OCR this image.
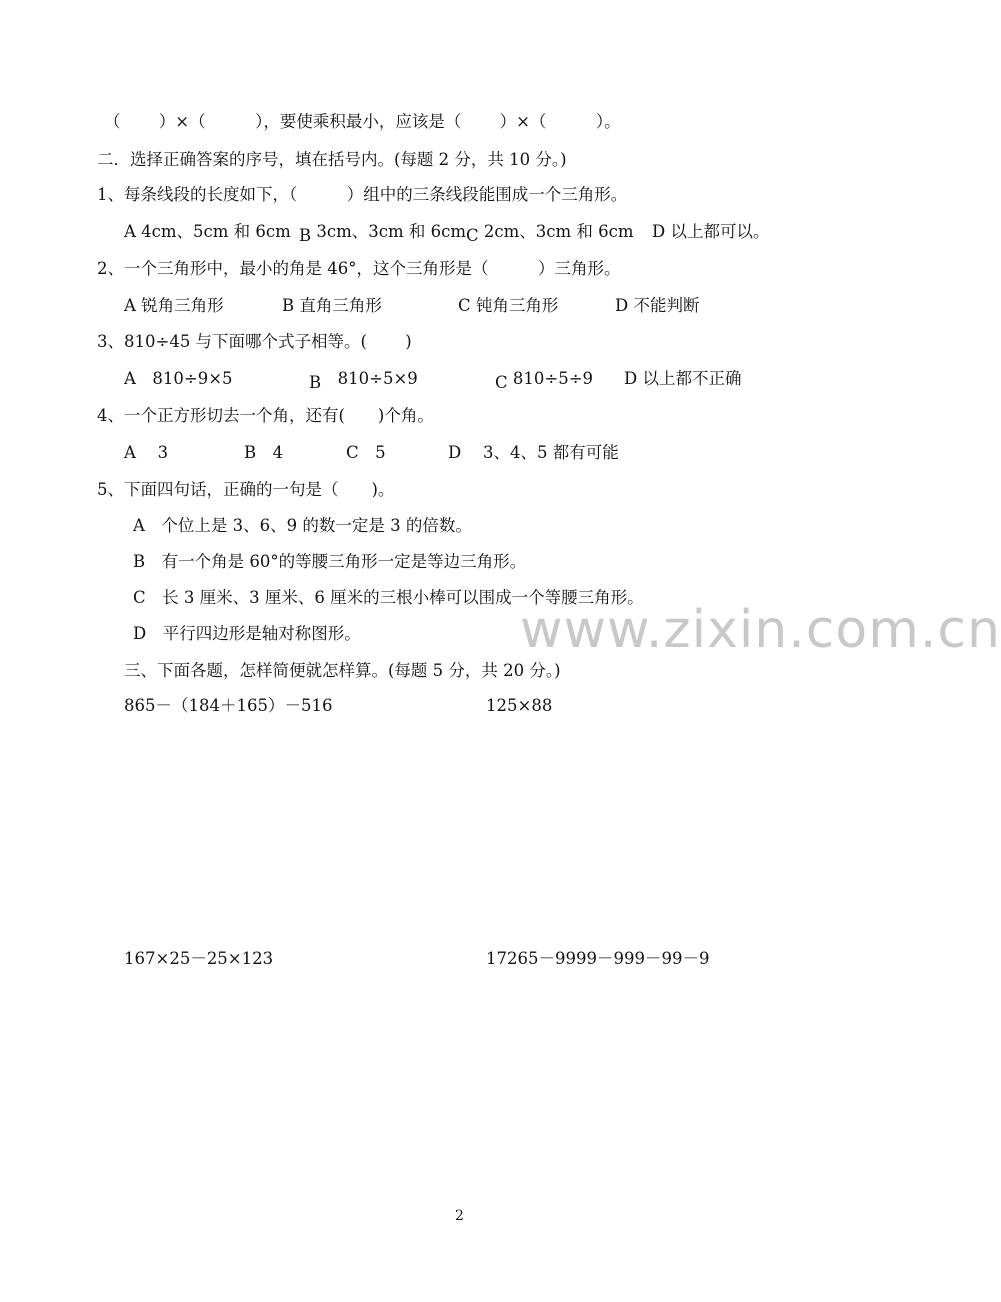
www.zixin.com.cn
（　　 ）×（　　　），要使乘积最小，应该是（　　 ）×（　　　）。
二．选择正确答案的序号，填在括号内。(每题 2 分，共 10 分。)
1、每条线段的长度如下，（　　　）组中的三条线段能围成一个三角形。
A 4cm、5cm 和 6cm B 3cm、3cm 和 6cm C 2cm、3cm 和 6cm D 以上都可以。
2、一个三角形中，最小的角是 46°，这个三角形是（　　　）三角形。
A 锐角三角形	B 直角三角形	C 钝角三角形	D 不能判断
3、810÷45 与下面哪个式子相等。(　　 )
A　810÷9×5	B　 810÷5×9	C 810÷5÷9 D 以上都不正确
4、一个正方形切去一个角，还有(　　)个角。
A　 3	B　4	C　5	D　 3、4、5 都有可能
5、下面四句话，正确的一句是（　　)。
A　个位上是 3、6、9 的数一定是 3 的倍数。
B　有一个角是 60°的等腰三角形一定是等边三角形。
C　长 3 厘米、3 厘米、6 厘米的三根小棒可以围成一个等腰三角形。
D　平行四边形是轴对称图形。
三、下面各题，怎样简便就怎样算。(每题 5 分，共 20 分。)
865－（184＋165）－516	125×88
167×25－25×123	17265－9999－999－99－9
2
